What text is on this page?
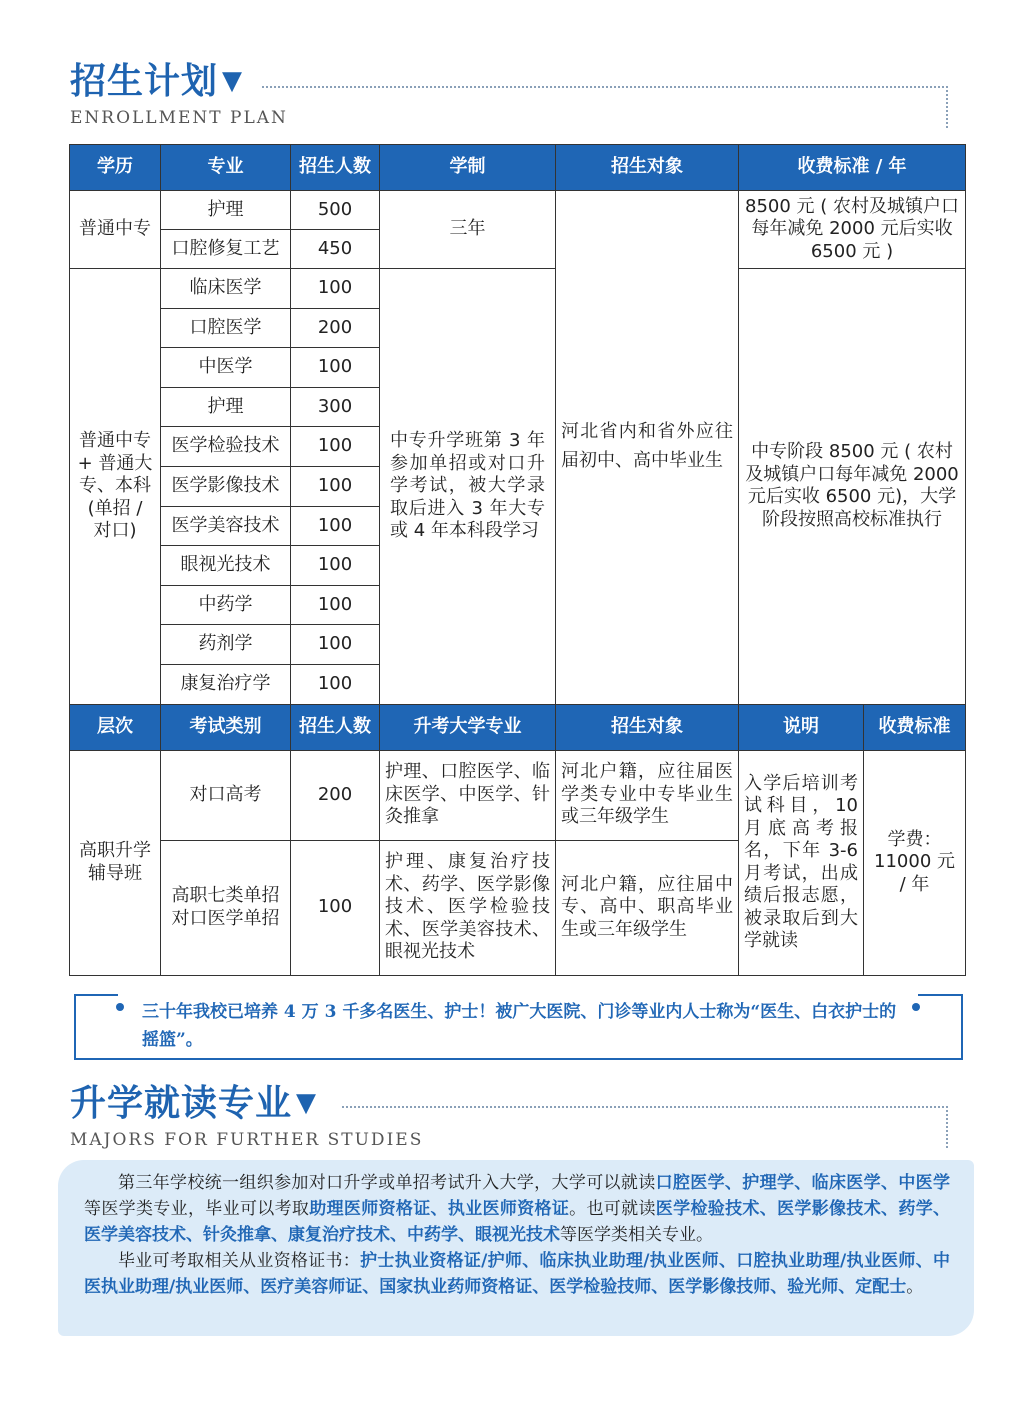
招生计划 ▼
ENROLLMENT PLAN
学历	专业	招生人数	学制	招生对象	收费标准 / 年	
普通中专	护理	500	三年	河北省内和省外应往届初中、高中毕业生	8500 元 ( 农村及城镇户口每年减免 2000 元后实收 6500 元 )	
	口腔修复工艺	450				
普通中专 + 普通大专、本科 (单招 / 对口)	临床医学	100	中专升学班第 3 年参加单招或对口升学考试，被大学录取后进入 3 年大专或 4 年本科段学习		中专阶段 8500 元 ( 农村及城镇户口每年减免 2000元后实收 6500 元)，大学阶段按照高校标准执行	
	口腔医学	200				
	中医学	100				
	护理	300				
	医学检验技术	100				
	医学影像技术	100				
	医学美容技术	100				
	眼视光技术	100				
	中药学	100				
	药剂学	100				
	康复治疗学	100				
层次	考试类别	招生人数	升考大学专业	招生对象	说明	收费标准
高职升学辅导班	对口高考	200	护理、口腔医学、临床医学、中医学、针灸推拿	河北户籍，应往届医学类专业中专毕业生或三年级学生	入学后培训考试科目，10 月底高考报名，下年 3-6 月考试，出成绩后报志愿，被录取后到大学就读	学费：11000 元 / 年
	高职七类单招对口医学单招	100	护理、康复治疗技术、药学、医学影像技术、医学检验技术、医学美容技术、眼视光技术	河北户籍，应往届中专、高中、职高毕业生或三年级学生		
三十年我校已培养 4 万 3 千多名医生、护士！被广大医院、门诊等业内人士称为“医生、白衣护士的摇篮”。
升学就读专业 ▼
MAJORS FOR FURTHER STUDIES

第三年学校统一组织参加对口升学或单招考试升入大学，大学可以就读口腔医学、护理学、临床医学、中医学等医学类专业，毕业可以考取助理医师资格证、执业医师资格证。也可就读医学检验技术、医学影像技术、药学、医学美容技术、针灸推拿、康复治疗技术、中药学、眼视光技术等医学类相关专业。

毕业可考取相关从业资格证书：护士执业资格证/护师、临床执业助理/执业医师、口腔执业助理/执业医师、中医执业助理/执业医师、医疗美容师证、国家执业药师资格证、医学检验技师、医学影像技师、验光师、定配士。
